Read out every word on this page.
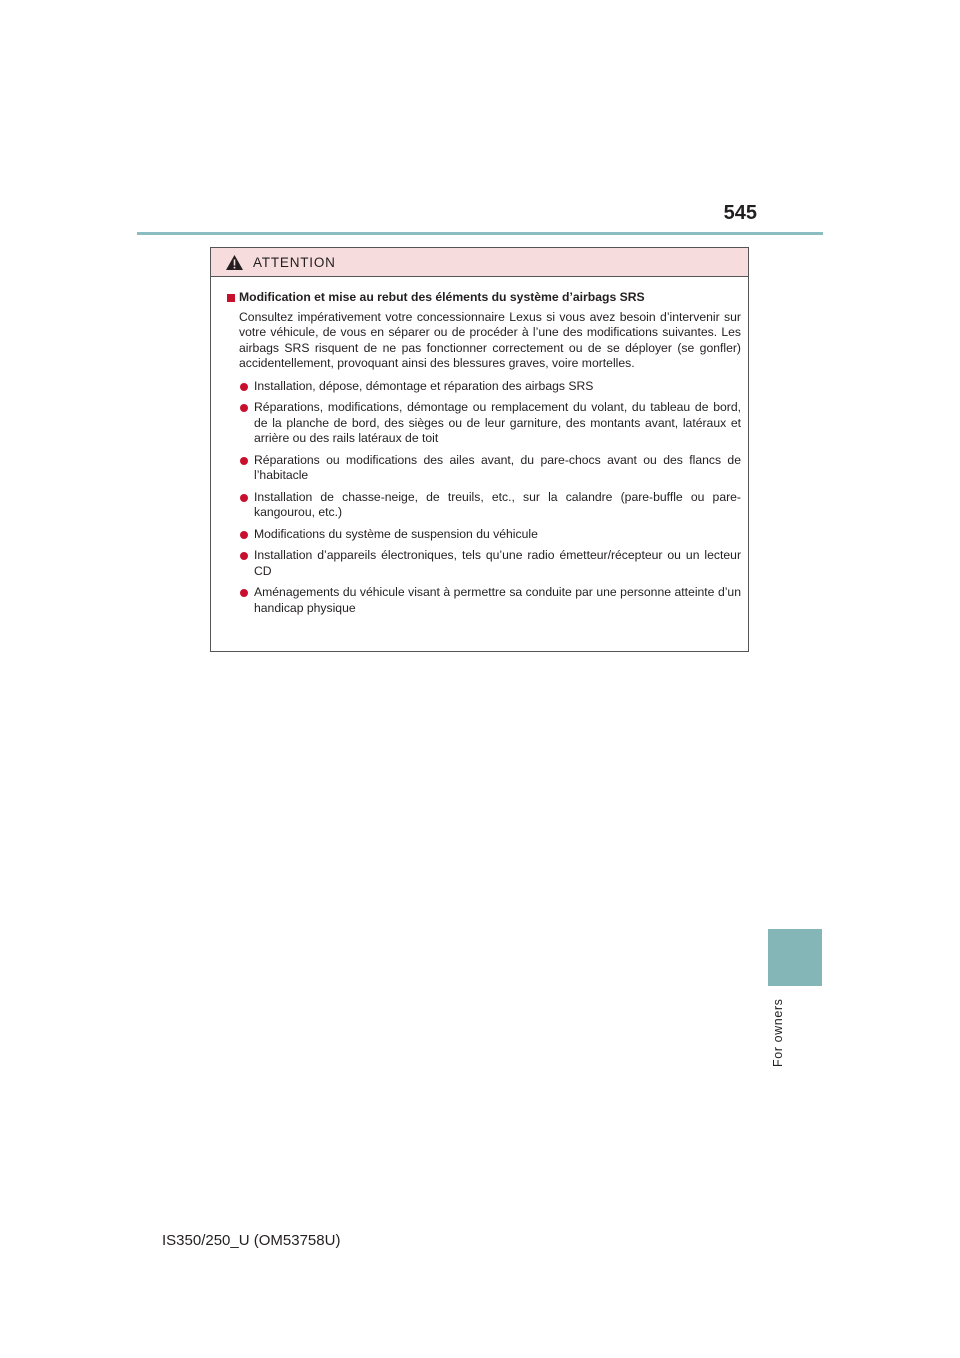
545
ATTENTION
Modification et mise au rebut des éléments du système d’airbags SRS
Consultez impérativement votre concessionnaire Lexus si vous avez besoin d’intervenir sur votre véhicule, de vous en séparer ou de procéder à l’une des modifications suivantes. Les airbags SRS risquent de ne pas fonctionner correctement ou de se déployer (se gonfler) accidentellement, provoquant ainsi des blessures graves, voire mortelles.
Installation, dépose, démontage et réparation des airbags SRS
Réparations, modifications, démontage ou remplacement du volant, du tableau de bord, de la planche de bord, des sièges ou de leur garniture, des montants avant, latéraux et arrière ou des rails latéraux de toit
Réparations ou modifications des ailes avant, du pare-chocs avant ou des flancs de l’habitacle
Installation de chasse-neige, de treuils, etc., sur la calandre (pare-buffle ou pare-kangourou, etc.)
Modifications du système de suspension du véhicule
Installation d’appareils électroniques, tels qu’une radio émetteur/récepteur ou un lecteur CD
Aménagements du véhicule visant à permettre sa conduite par une personne atteinte d’un handicap physique
For owners
IS350/250_U (OM53758U)
